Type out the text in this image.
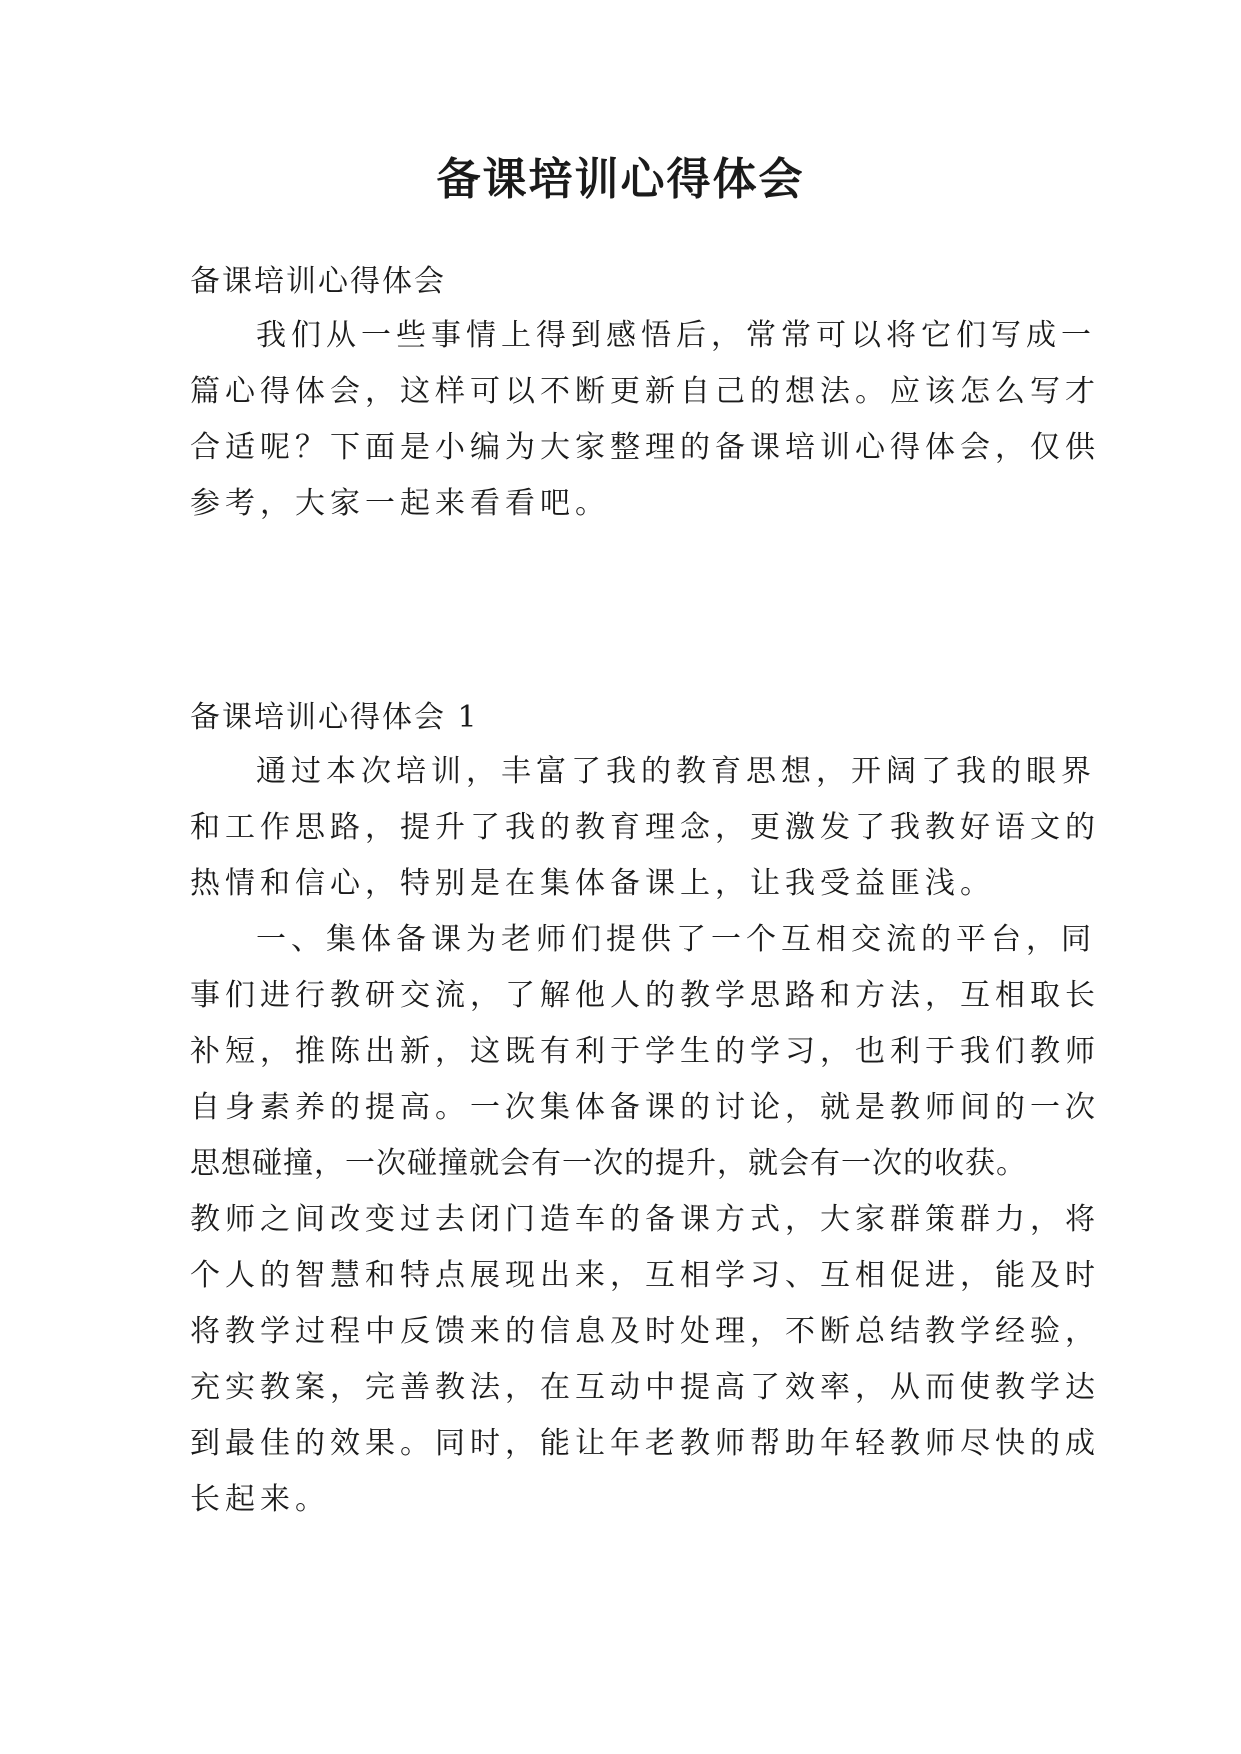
备课培训心得体会
备课培训心得体会
我们从一些事情上得到感悟后，常常可以将它们写成一
篇心得体会，这样可以不断更新自己的想法。应该怎么写才
合适呢？下面是小编为大家整理的备课培训心得体会，仅供
参考，大家一起来看看吧。
备课培训心得体会 1
通过本次培训，丰富了我的教育思想，开阔了我的眼界
和工作思路，提升了我的教育理念，更激发了我教好语文的
热情和信心，特别是在集体备课上，让我受益匪浅。
一、集体备课为老师们提供了一个互相交流的平台，同
事们进行教研交流，了解他人的教学思路和方法，互相取长
补短，推陈出新，这既有利于学生的学习，也利于我们教师
自身素养的提高。一次集体备课的讨论，就是教师间的一次
思想碰撞，一次碰撞就会有一次的提升，就会有一次的收获。
教师之间改变过去闭门造车的备课方式，大家群策群力，将
个人的智慧和特点展现出来，互相学习、互相促进，能及时
将教学过程中反馈来的信息及时处理，不断总结教学经验，
充实教案，完善教法，在互动中提高了效率，从而使教学达
到最佳的效果。同时，能让年老教师帮助年轻教师尽快的成
长起来。
